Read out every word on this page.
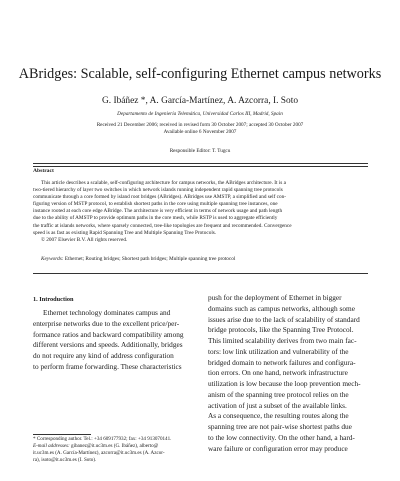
ABridges: Scalable, self-configuring Ethernet campus networks
G. Ibáñez *, A. García-Martínez, A. Azcorra, I. Soto
Departamento de Ingeniería Telemática, Universidad Carlos III, Madrid, Spain
Received 21 December 2006; received in revised form 30 October 2007; accepted 30 October 2007
Available online 6 November 2007
Responsible Editor: T. Tugcu
Abstract
This article describes a scalable, self-configuring architecture for campus networks, the ABridges architecture. It is a
two-tiered hierarchy of layer two switches in which network islands running independent rapid spanning tree protocols
communicate through a core formed by island root bridges (ABridges). ABridges use AMSTP, a simplified and self con-
figuring version of MSTP protocol, to establish shortest paths in the core using multiple spanning tree instances, one
instance rooted at each core edge ABridge. The architecture is very efficient in terms of network usage and path length
due to the ability of AMSTP to provide optimum paths in the core mesh, while RSTP is used to aggregate efficiently
the traffic at islands networks, where sparsely connected, tree-like topologies are frequent and recommended. Convergence
speed is as fast as existing Rapid Spanning Tree and Multiple Spanning Tree Protocols.
© 2007 Elsevier B.V. All rights reserved.
Keywords: Ethernet; Routing bridges; Shortest path bridges; Multiple spanning tree protocol
1. Introduction
Ethernet technology dominates campus and
enterprise networks due to the excellent price/per-
formance ratios and backward compatibility among
different versions and speeds. Additionally, bridges
do not require any kind of address configuration
to perform frame forwarding. These characteristics
push for the deployment of Ethernet in bigger
domains such as campus networks, although some
issues arise due to the lack of scalability of standard
bridge protocols, like the Spanning Tree Protocol.
This limited scalability derives from two main fac-
tors: low link utilization and vulnerability of the
bridged domain to network failures and configura-
tion errors. On one hand, network infrastructure
utilization is low because the loop prevention mech-
anism of the spanning tree protocol relies on the
activation of just a subset of the available links.
As a consequence, the resulting routes along the
spanning tree are not pair-wise shortest paths due
to the low connectivity. On the other hand, a hard-
ware failure or configuration error may produce
* Corresponding author. Tel.: +34 609177932; fax: +34 913070141.
E-mail addresses: gibanez@it.uc3m.es (G. Ibáñez), alberto@
it.uc3m.es (A. García-Martínez), azcorra@it.uc3m.es (A. Azcor-
ra), isoto@it.uc3m.es (I. Soto).
